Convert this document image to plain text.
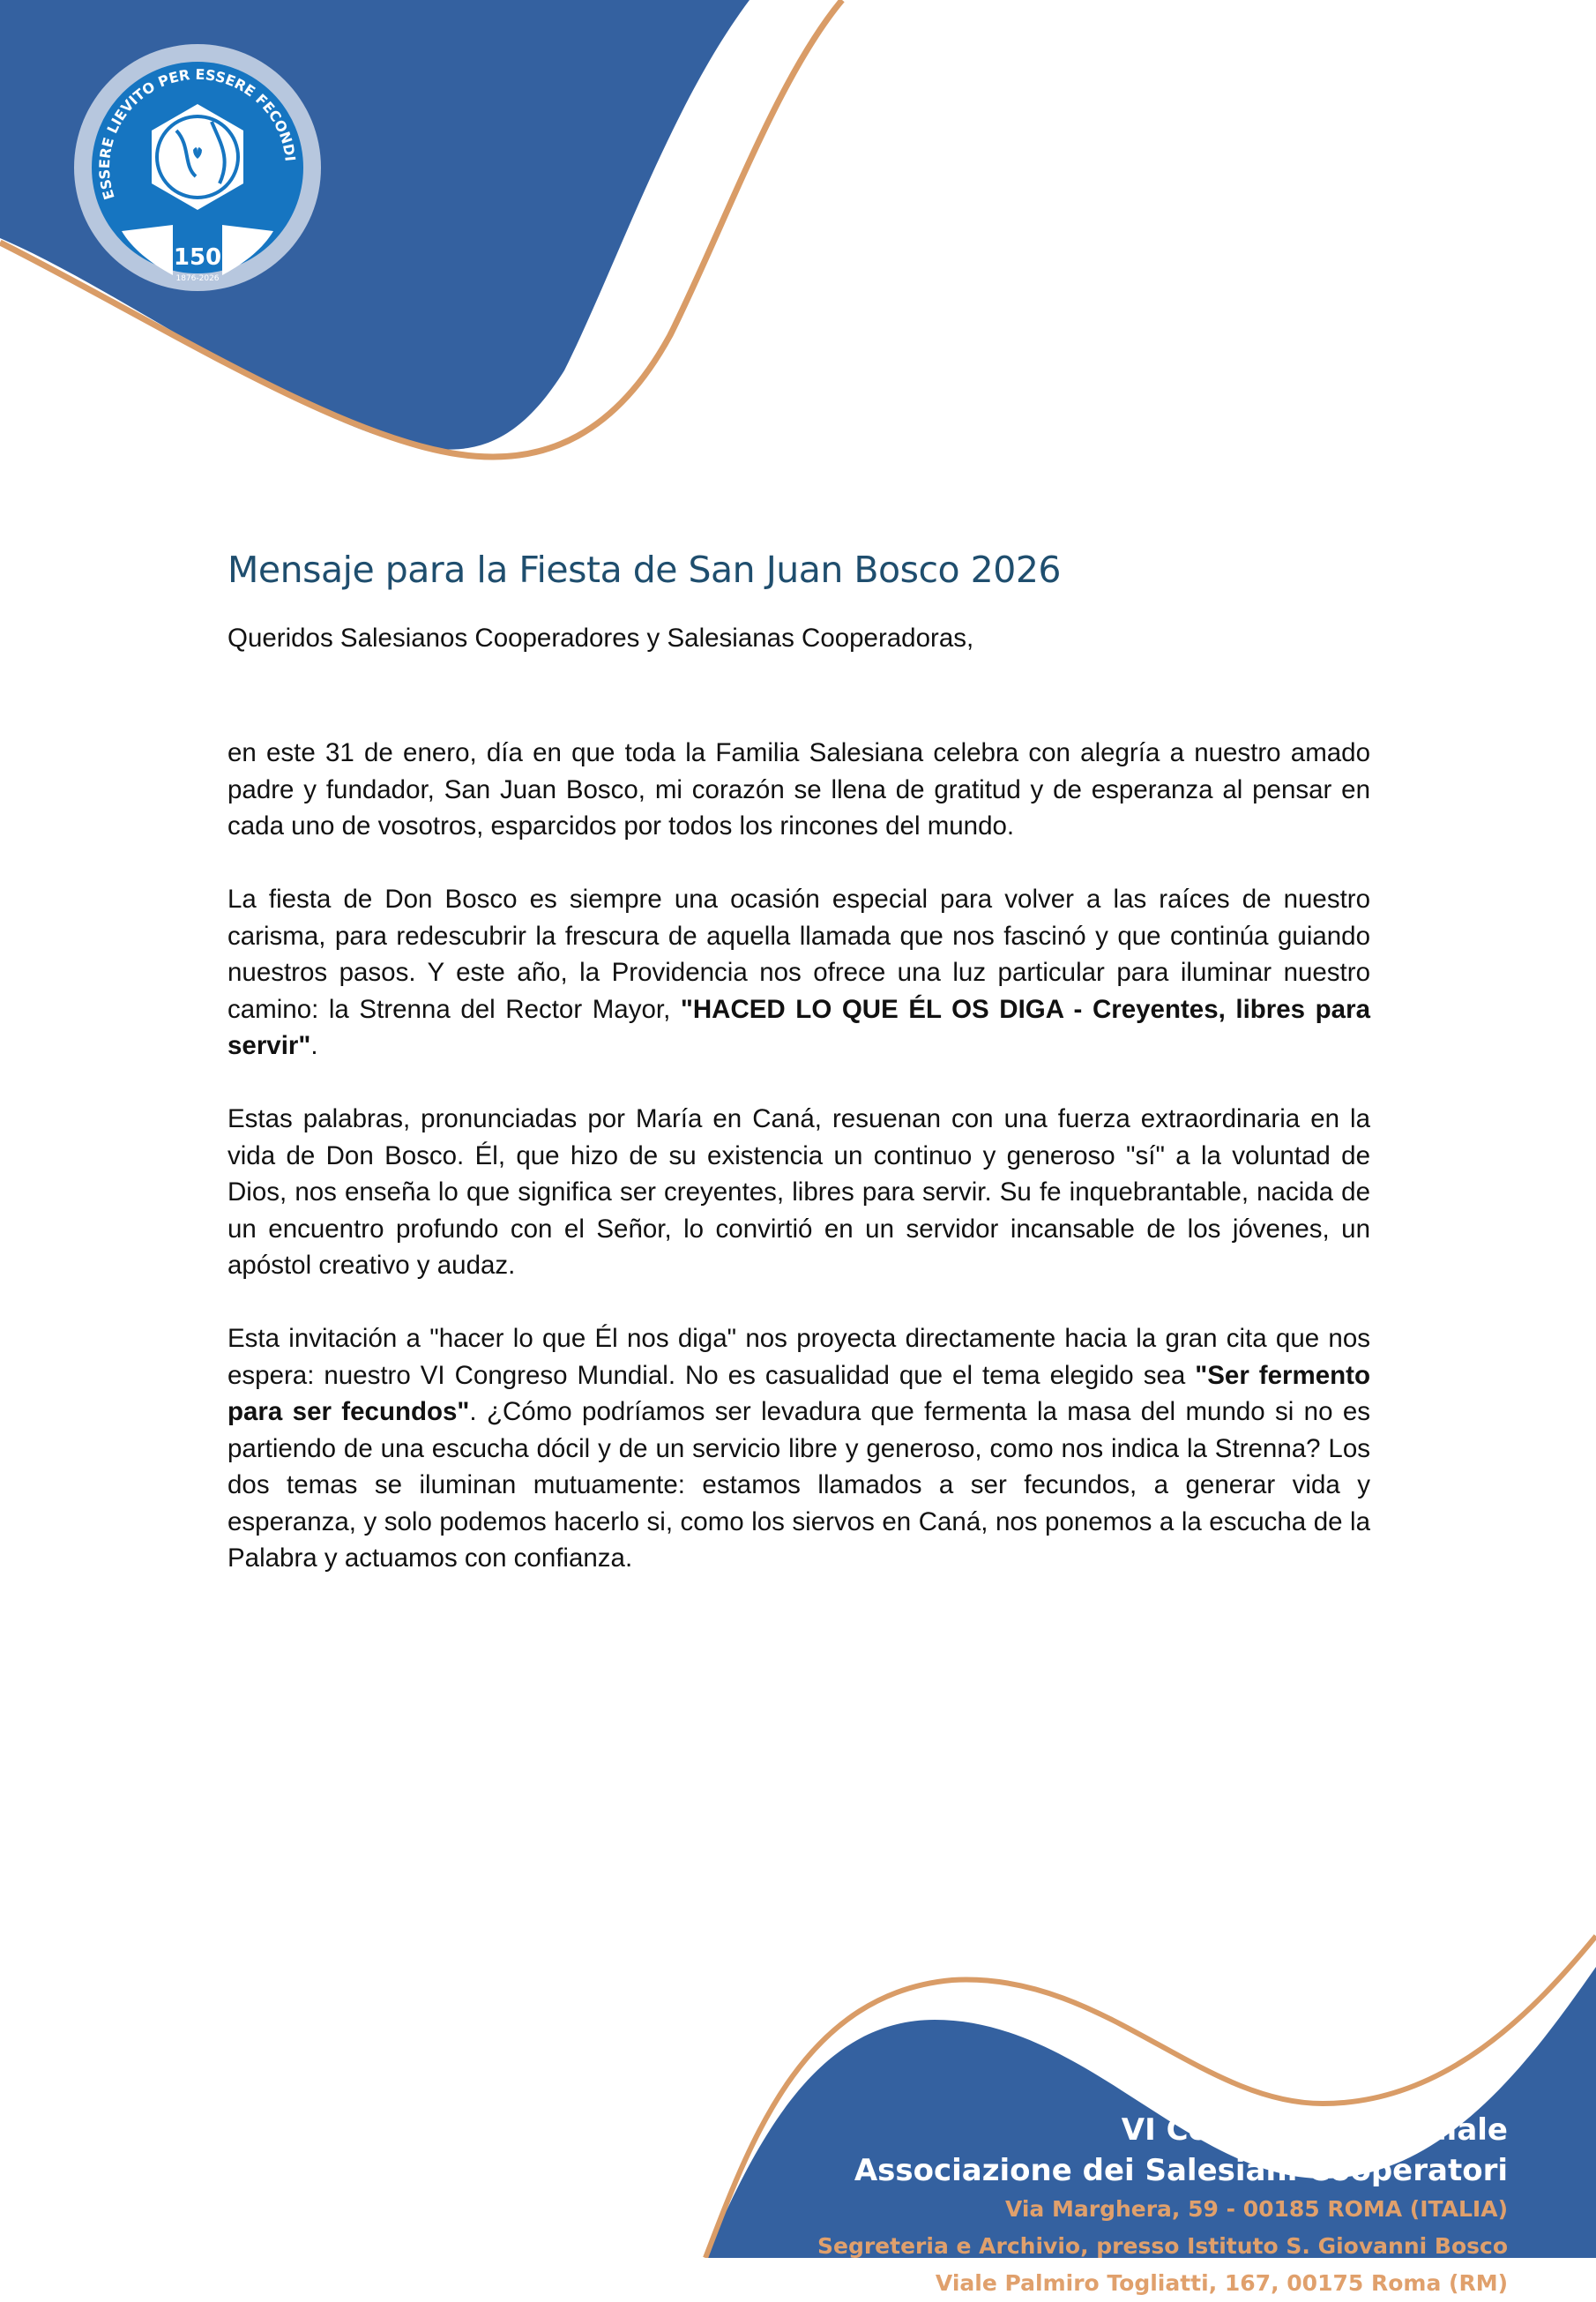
150
1876-2026
ESSERE LIEVITO PER ESSERE FECONDI
Mensaje para la Fiesta de San Juan Bosco 2026
Queridos Salesianos Cooperadores y Salesianas Cooperadoras,

en este 31 de enero, día en que toda la Familia Salesiana celebra con alegría a nuestro amado padre y fundador, San Juan Bosco, mi corazón se llena de gratitud y de esperanza al pensar en cada uno de vosotros, esparcidos por todos los rincones del mundo.

La fiesta de Don Bosco es siempre una ocasión especial para volver a las raíces de nuestro carisma, para redescubrir la frescura de aquella llamada que nos fascinó y que continúa guiando nuestros pasos. Y este año, la Providencia nos ofrece una luz particular para iluminar nuestro camino: la Strenna del Rector Mayor, "HACED LO QUE ÉL OS DIGA - Creyentes, libres para servir".

Estas palabras, pronunciadas por María en Caná, resuenan con una fuerza extraordinaria en la vida de Don Bosco. Él, que hizo de su existencia un continuo y generoso "sí" a la voluntad de Dios, nos enseña lo que significa ser creyentes, libres para servir. Su fe inquebrantable, nacida de un encuentro profundo con el Señor, lo convirtió en un servidor incansable de los jóvenes, un apóstol creativo y audaz.

Esta invitación a "hacer lo que Él nos diga" nos proyecta directamente hacia la gran cita que nos espera: nuestro VI Congreso Mundial. No es casualidad que el tema elegido sea "Ser fermento para ser fecundos". ¿Cómo podríamos ser levadura que fermenta la masa del mundo si no es partiendo de una escucha dócil y de un servicio libre y generoso, como nos indica la Strenna? Los dos temas se iluminan mutuamente: estamos llamados a ser fecundos, a generar vida y esperanza, y solo podemos hacerlo si, como los siervos en Caná, nos ponemos a la escucha de la Palabra y actuamos con confianza.

VI Congresso Mondiale
Associazione dei Salesiani Cooperatori
Via Marghera, 59 - 00185 ROMA (ITALIA)
Segreteria e Archivio, presso Istituto S. Giovanni Bosco
Viale Palmiro Togliatti, 167, 00175 Roma (RM)
